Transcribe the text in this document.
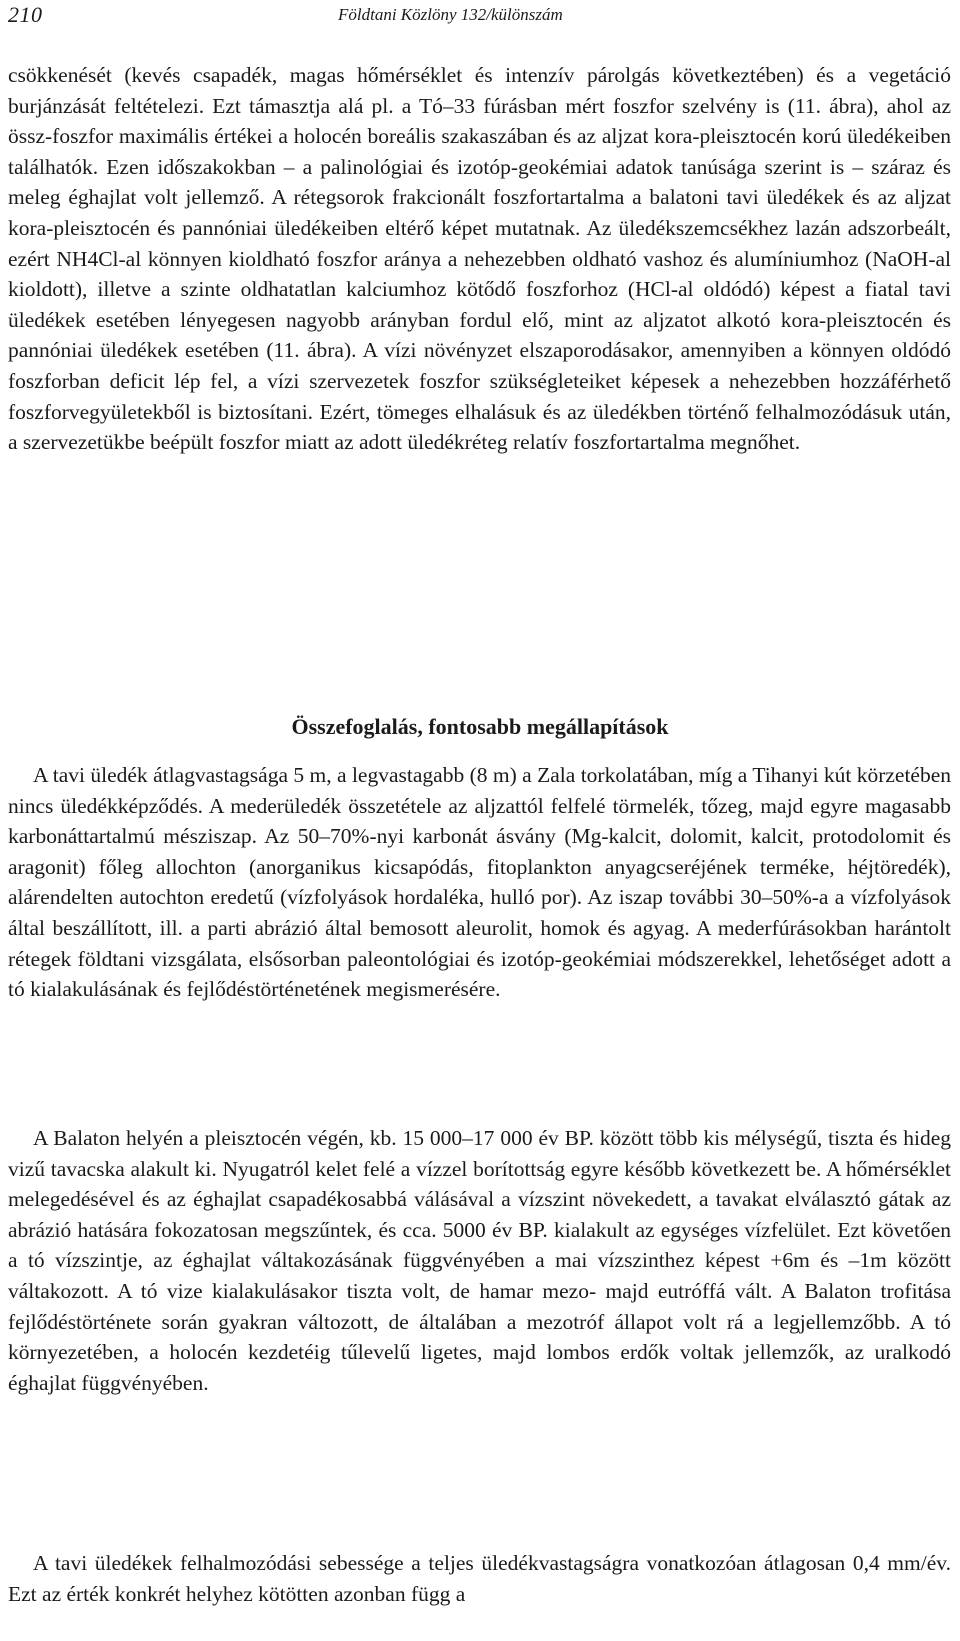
210	Földtani Közlöny 132/különszám

csökkenését (kevés csapadék, magas hőmérséklet és intenzív párolgás következtében) és a vegetáció burjánzását feltételezi. Ezt támasztja alá pl. a Tó–33 fúrásban mért foszfor szelvény is (11. ábra), ahol az össz-foszfor maximális értékei a holocén boreális szakaszában és az aljzat kora-pleisztocén korú üledékeiben találhatók. Ezen időszakokban – a palinológiai és izotóp-geokémiai adatok tanúsága szerint is – száraz és meleg éghajlat volt jellemző. A rétegsorok frakcionált foszfortartalma a balatoni tavi üledékek és az aljzat kora-pleisztocén és pannóniai üledékeiben eltérő képet mutatnak. Az üledékszemcsékhez lazán adszorbeált, ezért NH4Cl-al könnyen kioldható foszfor aránya a nehezebben oldható vashoz és alumíniumhoz (NaOH-al kioldott), illetve a szinte oldhatatlan kalciumhoz kötődő foszforhoz (HCl-al oldódó) képest a fiatal tavi üledékek esetében lényegesen nagyobb arányban fordul elő, mint az aljzatot alkotó kora-pleisztocén és pannóniai üledékek esetében (11. ábra). A vízi növényzet elszaporodásakor, amennyiben a könnyen oldódó foszforban deficit lép fel, a vízi szervezetek foszfor szükségleteiket képesek a nehezebben hozzáférhető foszforvegyületekből is biztosítani. Ezért, tömeges elhalásuk és az üledékben történő felhalmozódásuk után, a szervezetükbe beépült foszfor miatt az adott üledékréteg relatív foszfortartalma megnőhet.

Összefoglalás, fontosabb megállapítások

A tavi üledék átlagvastagsága 5 m, a legvastagabb (8 m) a Zala torkolatában, míg a Tihanyi kút körzetében nincs üledékképződés. A mederüledék összetétele az aljzattól felfelé törmelék, tőzeg, majd egyre magasabb karbonáttartalmú mésziszap. Az 50–70%-nyi karbonát ásvány (Mg-kalcit, dolomit, kalcit, protodolomit és aragonit) főleg allochton (anorganikus kicsapódás, fitoplankton anyagcseréjének terméke, héjtöredék), alárendelten autochton eredetű (vízfolyások hordaléka, hulló por). Az iszap további 30–50%-a a vízfolyások által beszállított, ill. a parti abrázió által bemosott aleurolit, homok és agyag. A mederfúrásokban harántolt rétegek földtani vizsgálata, elsősorban paleontológiai és izotóp-geokémiai módszerekkel, lehetőséget adott a tó kialakulásának és fejlődéstörténetének megismerésére.

A Balaton helyén a pleisztocén végén, kb. 15 000–17 000 év BP. között több kis mélységű, tiszta és hideg vizű tavacska alakult ki. Nyugatról kelet felé a vízzel borítottság egyre később következett be. A hőmérséklet melegedésével és az éghajlat csapadékosabbá válásával a vízszint növekedett, a tavakat elválasztó gátak az abrázió hatására fokozatosan megszűntek, és cca. 5000 év BP. kialakult az egységes vízfelület. Ezt követően a tó vízszintje, az éghajlat váltakozásának függvényében a mai vízszinthez képest +6m és –1m között váltakozott. A tó vize kialakulásakor tiszta volt, de hamar mezo- majd eutróffá vált. A Balaton trofitása fejlődéstörténete során gyakran változott, de általában a mezotróf állapot volt rá a legjellemzőbb. A tó környezetében, a holocén kezdetéig tűlevelű ligetes, majd lombos erdők voltak jellemzők, az uralkodó éghajlat függvényében.

A tavi üledékek felhalmozódási sebessége a teljes üledékvastagságra vonatkozóan átlagosan 0,4 mm/év. Ezt az érték konkrét helyhez kötötten azonban függ a
